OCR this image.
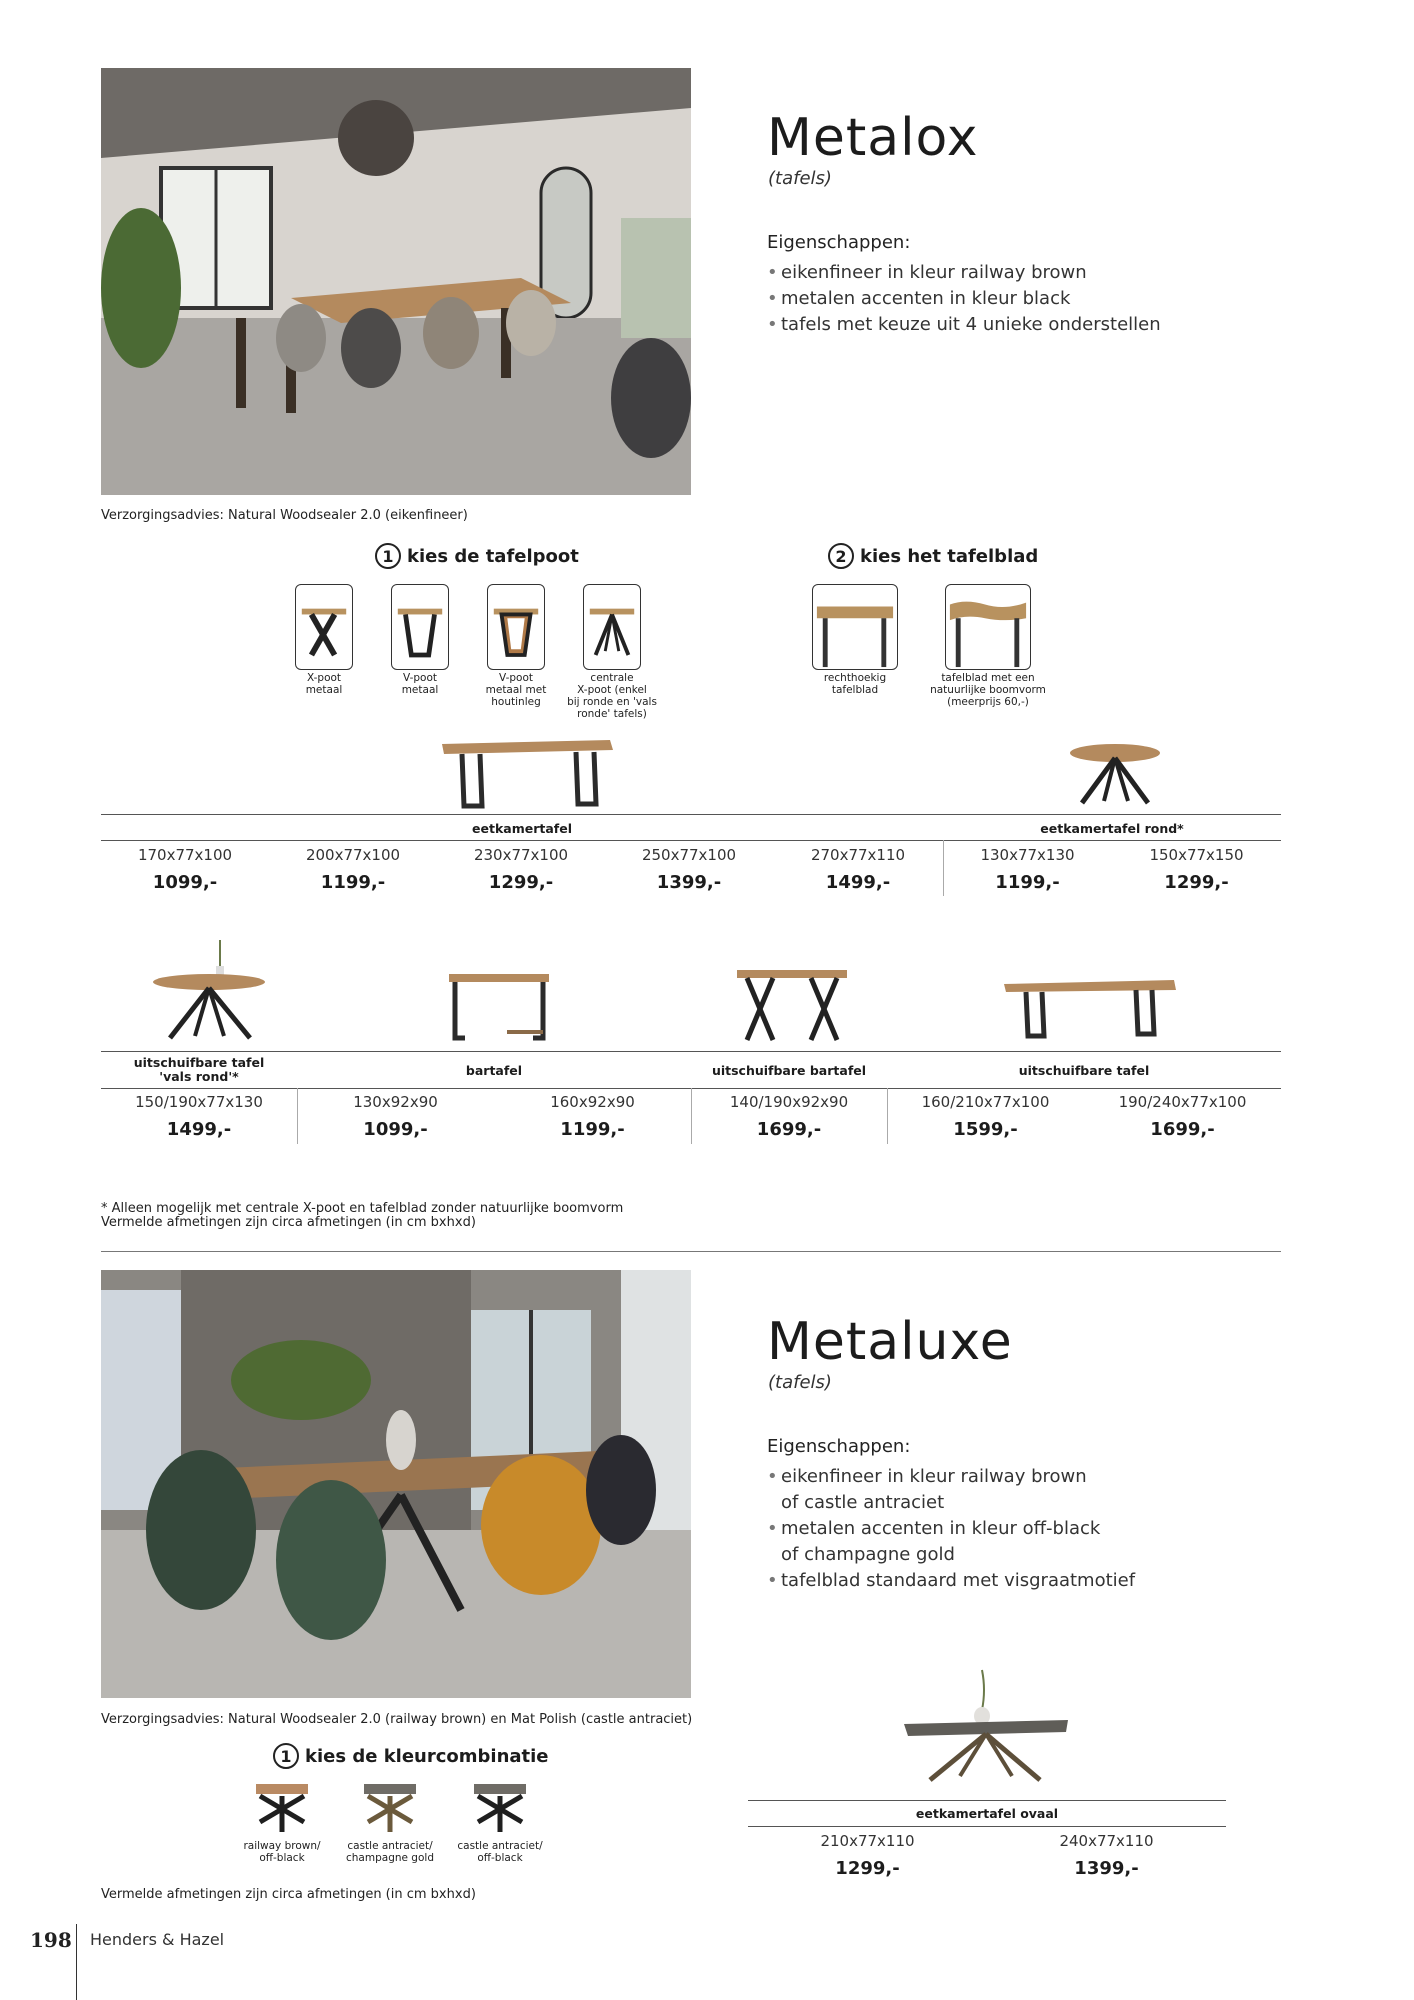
Metalox
(tafels)
Eigenschappen:
• eikenfineer in kleur railway brown
• metalen accenten in kleur black
• tafels met keuze uit 4 unieke onderstellen
Verzorgingsadvies: Natural Woodsealer 2.0 (eikenfineer)
1 kies de tafelpoot	2 kies het tafelblad
X-poot
metaal
V-poot
metaal
V-poot
metaal met
houtinleg
centrale
X-poot (enkel
bij ronde en 'vals
ronde' tafels)
rechthoekig
tafelblad
tafelblad met een
natuurlijke boomvorm
(meerprijs 60,-)
eetkamertafel	eetkamertafel rond*
170x77x100	200x77x100	230x77x100	250x77x100	270x77x110	130x77x130	150x77x150
1099,-	1199,-	1299,-	1399,-	1499,-	1199,-	1299,-
uitschuifbare tafel
'vals rond'*	bartafel	uitschuifbare bartafel	uitschuifbare tafel
150/190x77x130	130x92x90	160x92x90	140/190x92x90	160/210x77x100	190/240x77x100
1499,-	1099,-	1199,-	1699,-	1599,-	1699,-
* Alleen mogelijk met centrale X-poot en tafelblad zonder natuurlijke boomvorm
Vermelde afmetingen zijn circa afmetingen (in cm bxhxd)
Metaluxe
(tafels)
Eigenschappen:
• eikenfineer in kleur railway brown
of castle antraciet
• metalen accenten in kleur off-black
of champagne gold
• tafelblad standaard met visgraatmotief
Verzorgingsadvies: Natural Woodsealer 2.0 (railway brown) en Mat Polish (castle antraciet)
1 kies de kleurcombinatie
railway brown/
off-black
castle antraciet/
champagne gold
castle antraciet/
off-black
eetkamertafel ovaal
210x77x110	240x77x110
1299,-	1399,-
Vermelde afmetingen zijn circa afmetingen (in cm bxhxd)
198 Henders & Hazel
